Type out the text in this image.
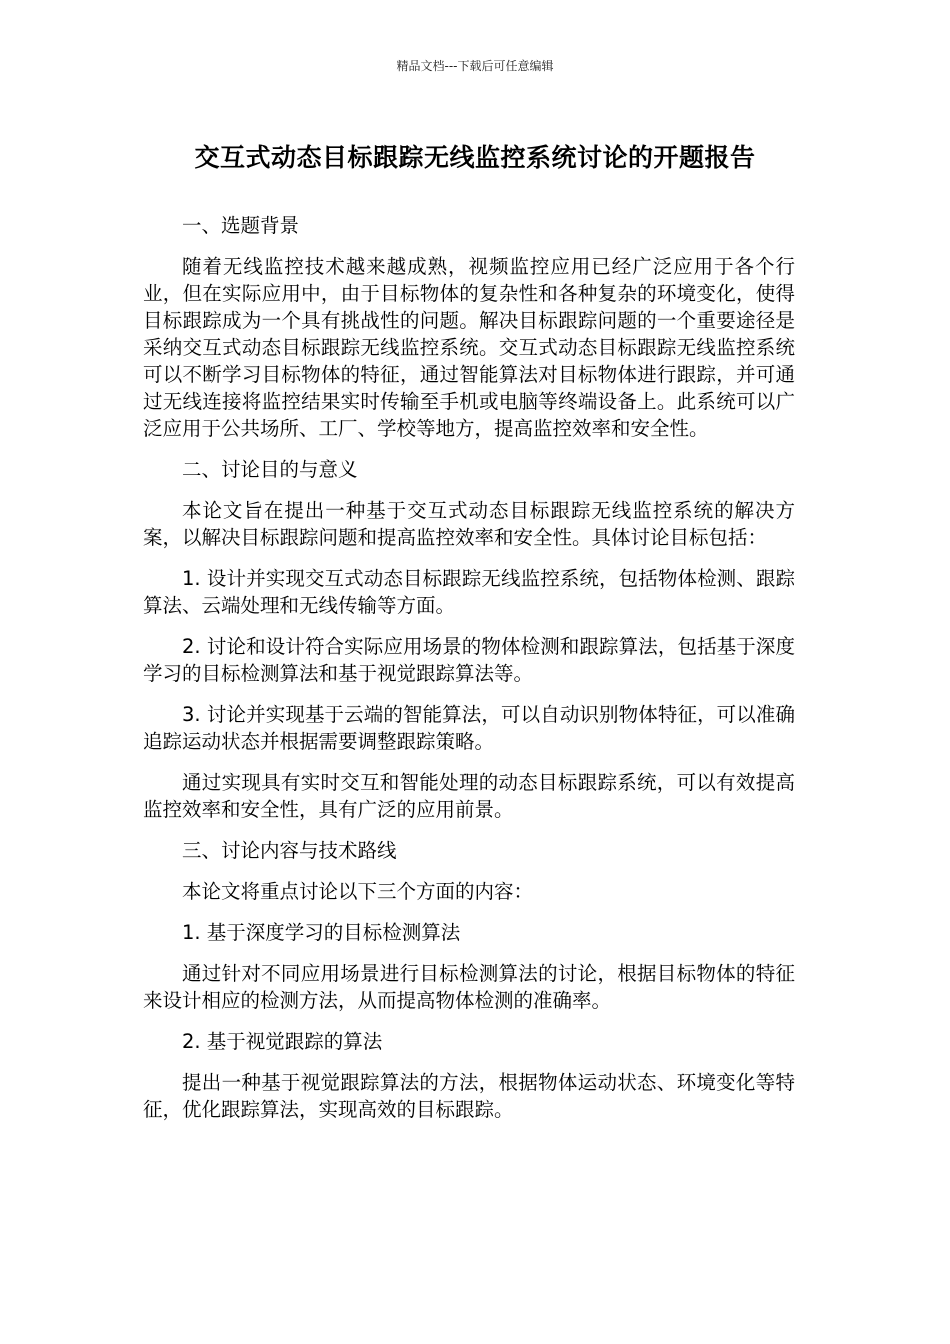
精品文档---下载后可任意编辑
交互式动态目标跟踪无线监控系统讨论的开题报告
一、选题背景
随着无线监控技术越来越成熟，视频监控应用已经广泛应用于各个行业，但在实际应用中，由于目标物体的复杂性和各种复杂的环境变化，使得目标跟踪成为一个具有挑战性的问题。解决目标跟踪问题的一个重要途径是采纳交互式动态目标跟踪无线监控系统。交互式动态目标跟踪无线监控系统可以不断学习目标物体的特征，通过智能算法对目标物体进行跟踪，并可通过无线连接将监控结果实时传输至手机或电脑等终端设备上。此系统可以广泛应用于公共场所、工厂、学校等地方，提高监控效率和安全性。
二、讨论目的与意义
本论文旨在提出一种基于交互式动态目标跟踪无线监控系统的解决方案，以解决目标跟踪问题和提高监控效率和安全性。具体讨论目标包括：
1. 设计并实现交互式动态目标跟踪无线监控系统，包括物体检测、跟踪算法、云端处理和无线传输等方面。
2. 讨论和设计符合实际应用场景的物体检测和跟踪算法，包括基于深度学习的目标检测算法和基于视觉跟踪算法等。
3. 讨论并实现基于云端的智能算法，可以自动识别物体特征，可以准确追踪运动状态并根据需要调整跟踪策略。
通过实现具有实时交互和智能处理的动态目标跟踪系统，可以有效提高监控效率和安全性，具有广泛的应用前景。
三、讨论内容与技术路线
本论文将重点讨论以下三个方面的内容：
1. 基于深度学习的目标检测算法
通过针对不同应用场景进行目标检测算法的讨论，根据目标物体的特征来设计相应的检测方法，从而提高物体检测的准确率。
2. 基于视觉跟踪的算法
提出一种基于视觉跟踪算法的方法，根据物体运动状态、环境变化等特征，优化跟踪算法，实现高效的目标跟踪。
